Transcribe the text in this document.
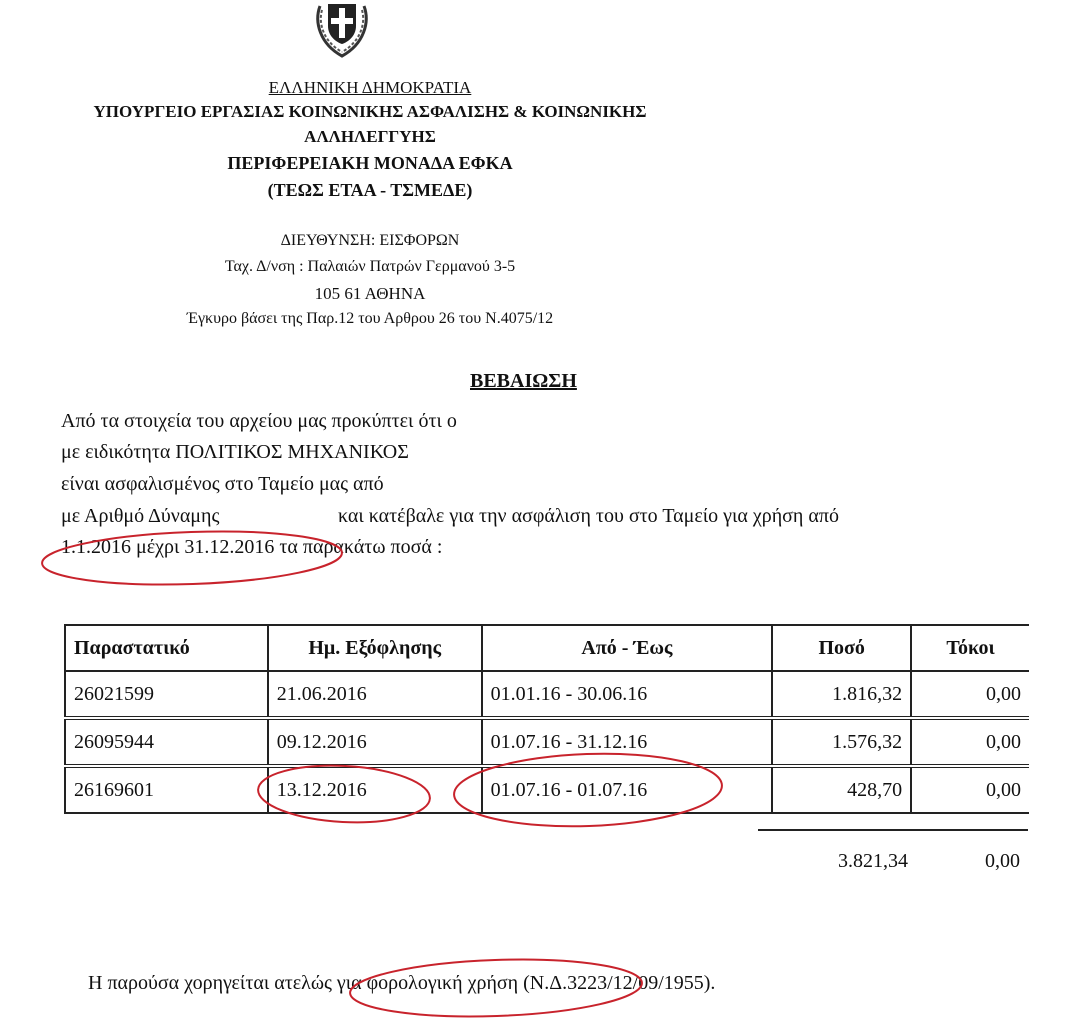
ΕΛΛΗΝΙΚΗ ΔΗΜΟΚΡΑΤΙΑ
ΥΠΟΥΡΓΕΙΟ ΕΡΓΑΣΙΑΣ ΚΟΙΝΩΝΙΚΗΣ ΑΣΦΑΛΙΣΗΣ & ΚΟΙΝΩΝΙΚΗΣ
ΑΛΛΗΛΕΓΓΥΗΣ
ΠΕΡΙΦΕΡΕΙΑΚΗ ΜΟΝΑΔΑ ΕΦΚΑ
(ΤΕΩΣ ΕΤΑΑ - ΤΣΜΕΔΕ)
ΔΙΕΥΘΥΝΣΗ: ΕΙΣΦΟΡΩΝ
Ταχ. Δ/νση : Παλαιών Πατρών Γερμανού 3-5
105 61 ΑΘΗΝΑ
Έγκυρο βάσει της Παρ.12 του Αρθρου 26 του Ν.4075/12
ΒΕΒΑΙΩΣΗ
Από τα στοιχεία του αρχείου μας προκύπτει ότι ο
με ειδικότητα ΠΟΛΙΤΙΚΟΣ ΜΗΧΑΝΙΚΟΣ
είναι ασφαλισμένος στο Ταμείο μας από
με Αριθμό Δύναμης	και κατέβαλε για την ασφάλιση του στο Ταμείο για χρήση από
1.1.2016 μέχρι 31.12.2016 τα παρακάτω ποσά :
Παραστατικό	Ημ. Εξόφλησης	Από - Έως	Ποσό	Τόκοι
26021599	21.06.2016	01.01.16 - 30.06.16	1.816,32	0,00
26095944	09.12.2016	01.07.16 - 31.12.16	1.576,32	0,00
26169601	13.12.2016	01.07.16 - 01.07.16	428,70	0,00
3.821,34	0,00
Η παρούσα χορηγείται ατελώς για φορολογική χρήση (Ν.Δ.3223/12/09/1955).
